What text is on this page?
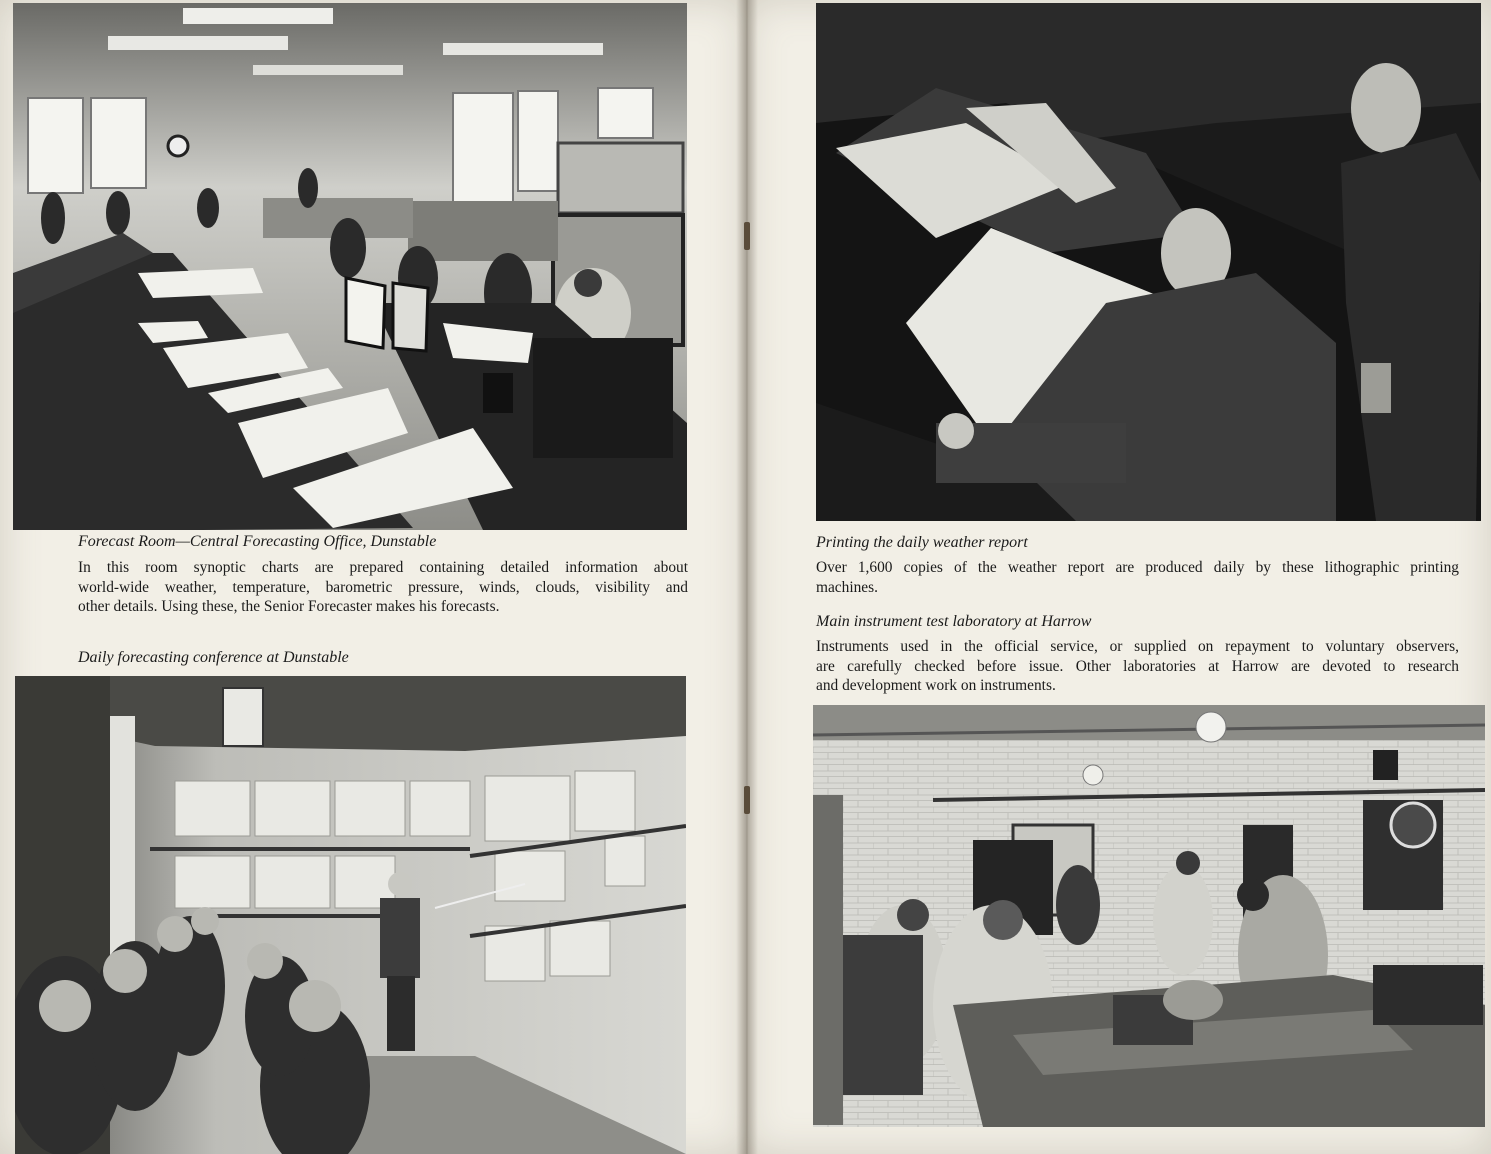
Forecast Room—Central Forecasting Office, Dunstable
In this room synoptic charts are prepared containing detailed information about
world-wide weather, temperature, barometric pressure, winds, clouds, visibility and
other details. Using these, the Senior Forecaster makes his forecasts.
Daily forecasting conference at Dunstable
Printing the daily weather report
Over 1,600 copies of the weather report are produced daily by these lithographic printing
machines.
Main instrument test laboratory at Harrow
Instruments used in the official service, or supplied on repayment to voluntary observers,
are carefully checked before issue. Other laboratories at Harrow are devoted to research
and development work on instruments.
